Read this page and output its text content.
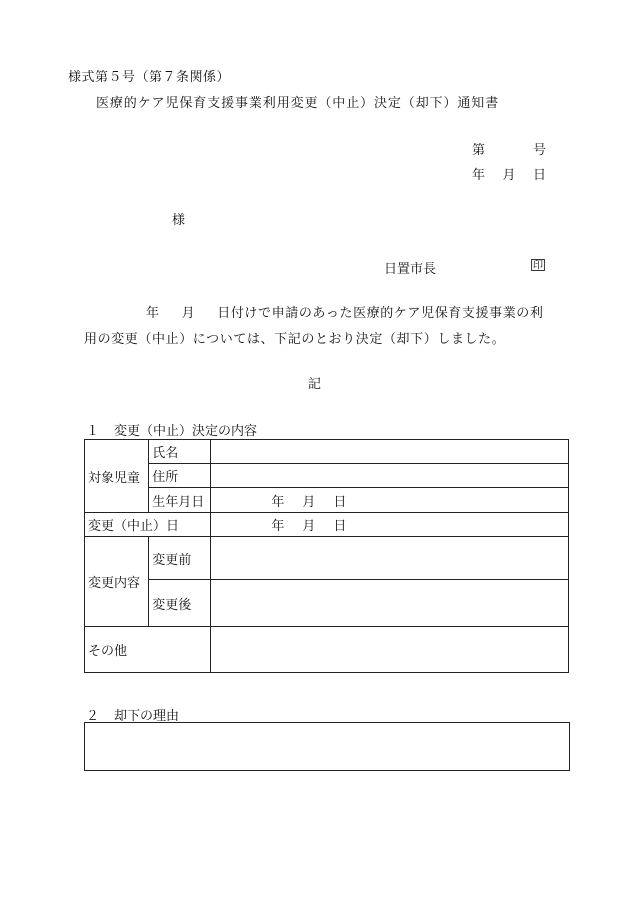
様式第５号（第７条関係）
医療的ケア児保育支援事業利用変更（中止）決定（却下）通知書
第	号
年 月 日
様
日置市長	印
年 月 日付けで申請のあった医療的ケア児保育支援事業の利
用の変更（中止）については、下記のとおり決定（却下）しました。
記
１ 変更（中止）決定の内容
対象児童	氏名	
	住所	
	生年月日	年 月 日
変更（中止）日		年 月 日
変更内容	変更前	
	変更後	
その他		
２ 却下の理由
